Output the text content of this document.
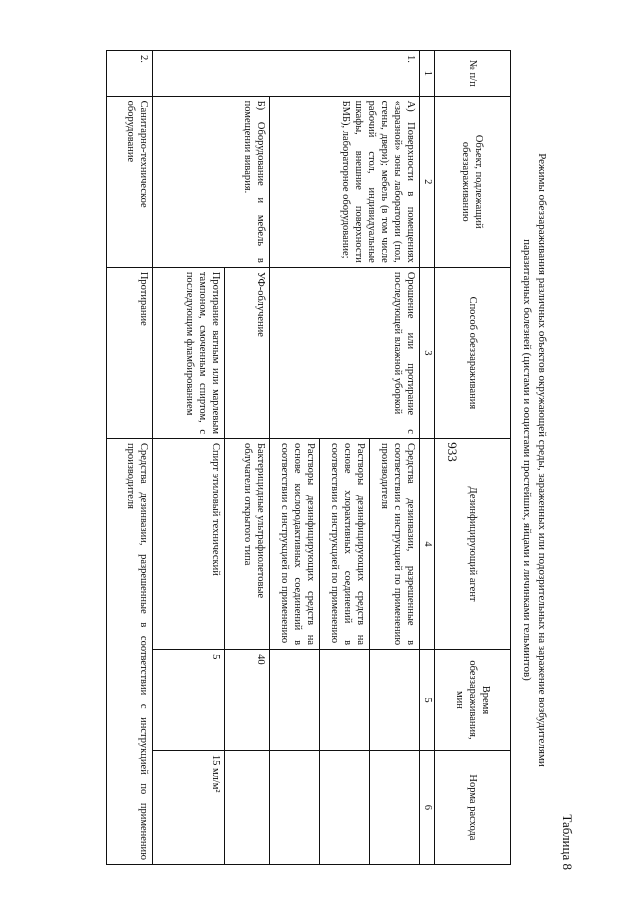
933
Таблица 8
Режимы обеззараживания различных объектов окружающей среды, зараженных или подозрительных на заражение возбудителями
паразитарных болезней (цистами и ооцистами простейших, яйцами и личинками гельминтов)
№ п/п	Объект, подлежащий обеззараживанию	Способ обеззараживания	Дезинфицирующий агент	Время обеззараживания, мин	Норма расхода
1	2	3	4	5	6
1.	А) Поверхности в помещениях «заразной» зоны лаборатории (пол, стены, двери); мебель (в том числе рабочий стол, индивидуальные шкафы, внешние поверхности БМБ), лабораторное оборудование;	Орошение или протирание с последующей влажной уборкой	Средства дезинвазии, разрешенные в соответствии с инструкцией по применению производителя		
			Растворы дезинфицирующих средств на основе хлорактивных соединений в соответствии с инструкцией по применению		
			Растворы дезинфицирующих средств на основе кислородактивных соединений в соответствии с инструкцией по применению		
	Б) Оборудование и мебель в помещении вивария.	УФ-облучение	Бактерицидные ультрафиолетовые облучатели открытого типа	40	
		Протирание ватным или марлевым тампоном, смоченным спиртом, с последующим фламбированием	Спирт этиловый технический	5	15 мл/м²
2.	Санитарно-техническое оборудование	Протирание	Средства дезинвазии, разрешенные в соответствии с инструкцией по применению производителя		
